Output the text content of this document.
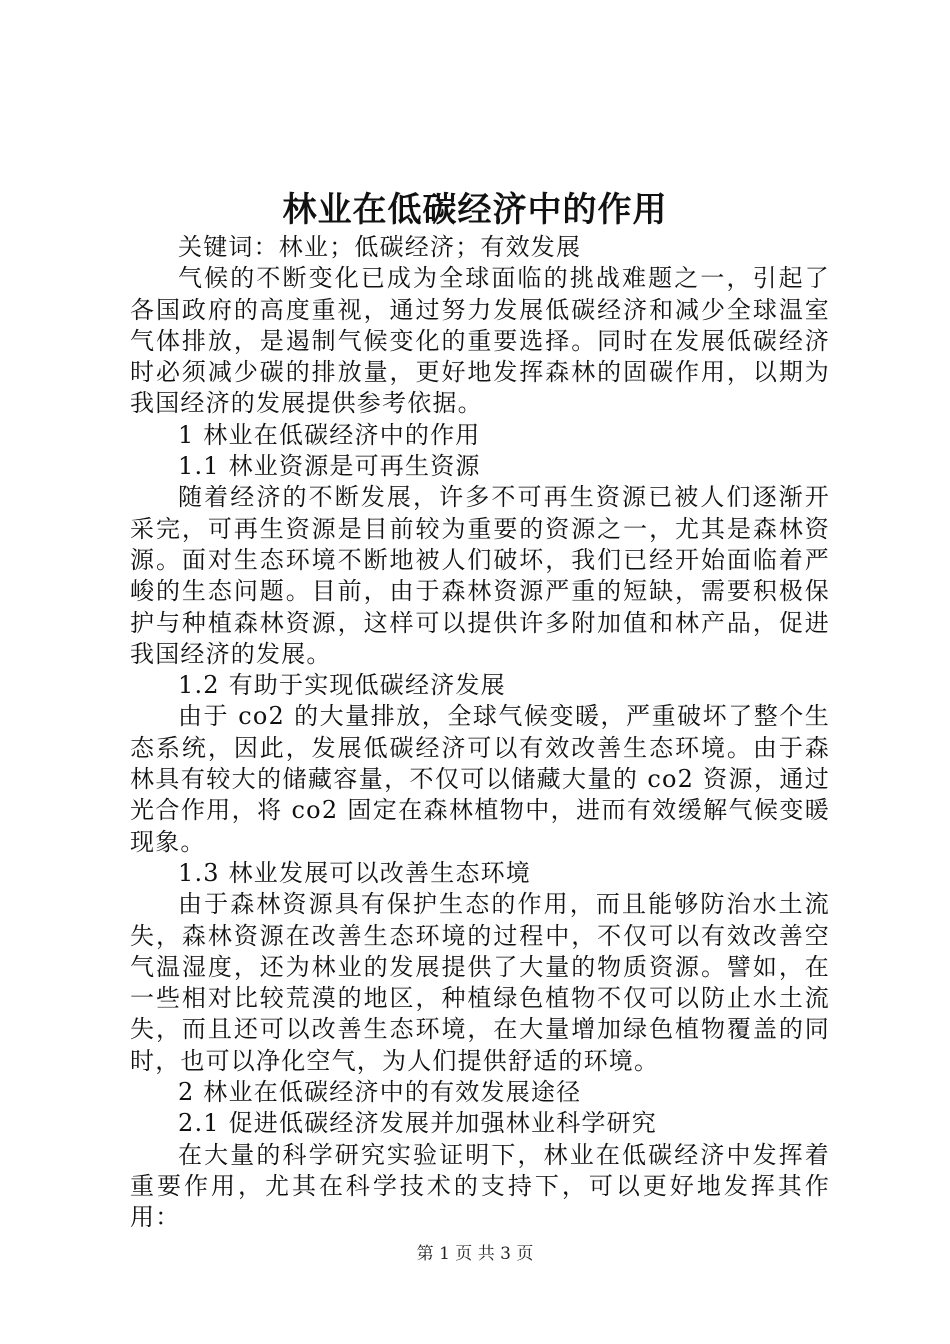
林业在低碳经济中的作用

关键词：林业；低碳经济；有效发展

气候的不断变化已成为全球面临的挑战难题之一，引起了各国政府的高度重视，通过努力发展低碳经济和减少全球温室气体排放，是遏制气候变化的重要选择。同时在发展低碳经济时必须减少碳的排放量，更好地发挥森林的固碳作用，以期为我国经济的发展提供参考依据。

1 林业在低碳经济中的作用

1.1 林业资源是可再生资源

随着经济的不断发展，许多不可再生资源已被人们逐渐开采完，可再生资源是目前较为重要的资源之一，尤其是森林资源。面对生态环境不断地被人们破坏，我们已经开始面临着严峻的生态问题。目前，由于森林资源严重的短缺，需要积极保护与种植森林资源，这样可以提供许多附加值和林产品，促进我国经济的发展。

1.2 有助于实现低碳经济发展

由于 co2 的大量排放，全球气候变暖，严重破坏了整个生态系统，因此，发展低碳经济可以有效改善生态环境。由于森林具有较大的储藏容量，不仅可以储藏大量的 co2 资源，通过光合作用，将 co2 固定在森林植物中，进而有效缓解气候变暖现象。

1.3 林业发展可以改善生态环境

由于森林资源具有保护生态的作用，而且能够防治水土流失，森林资源在改善生态环境的过程中，不仅可以有效改善空气温湿度，还为林业的发展提供了大量的物质资源。譬如，在一些相对比较荒漠的地区，种植绿色植物不仅可以防止水土流失，而且还可以改善生态环境，在大量增加绿色植物覆盖的同时，也可以净化空气，为人们提供舒适的环境。

2 林业在低碳经济中的有效发展途径

2.1 促进低碳经济发展并加强林业科学研究

在大量的科学研究实验证明下，林业在低碳经济中发挥着重要作用，尤其在科学技术的支持下，可以更好地发挥其作用：

第 1 页 共 3 页
